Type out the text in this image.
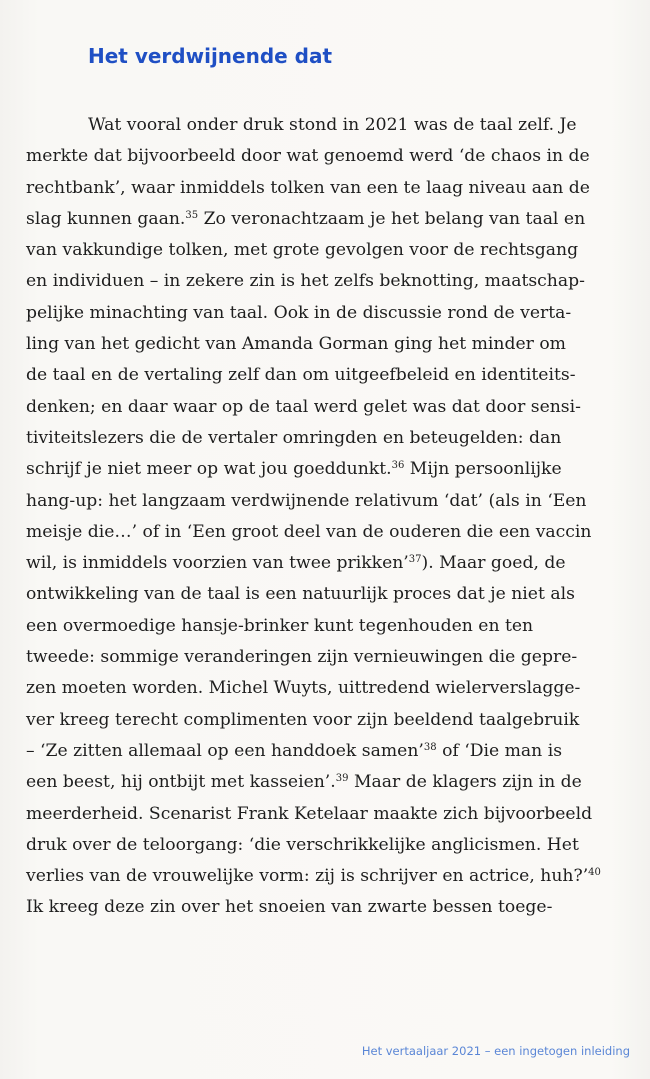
Het verdwijnende dat
Wat vooral onder druk stond in 2021 was de taal zelf. Je
merkte dat bijvoorbeeld door wat genoemd werd ‘de chaos in de
rechtbank’, waar inmiddels tolken van een te laag niveau aan de
slag kunnen gaan.$^{35}$ Zo veronachtzaam je het belang van taal en
van vakkundige tolken, met grote gevolgen voor de rechtsgang
en individuen – in zekere zin is het zelfs beknotting, maatschap-
pelijke minachting van taal. Ook in de discussie rond de verta-
ling van het gedicht van Amanda Gorman ging het minder om
de taal en de vertaling zelf dan om uitgeefbeleid en identiteits-
denken; en daar waar op de taal werd gelet was dat door sensi-
tiviteitslezers die de vertaler omringden en beteugelden: dan
schrijf je niet meer op wat jou goeddunkt.$^{36}$ Mijn persoonlijke
hang-up: het langzaam verdwijnende relativum ‘dat’ (als in ‘Een
meisje die…’ of in ‘Een groot deel van de ouderen die een vaccin
wil, is inmiddels voorzien van twee prikken’$^{37}$). Maar goed, de
ontwikkeling van de taal is een natuurlijk proces dat je niet als
een overmoedige hansje-brinker kunt tegenhouden en ten
tweede: sommige veranderingen zijn vernieuwingen die gepre-
zen moeten worden. Michel Wuyts, uittredend wielerverslagge-
ver kreeg terecht complimenten voor zijn beeldend taalgebruik
– ‘Ze zitten allemaal op een handdoek samen’$^{38}$ of ‘Die man is
een beest, hij ontbijt met kasseien’.$^{39}$ Maar de klagers zijn in de
meerderheid. Scenarist Frank Ketelaar maakte zich bijvoorbeeld
druk over de teloorgang: ‘die verschrikkelijke anglicismen. Het
verlies van de vrouwelijke vorm: zij is schrijver en actrice, huh?’$^{40}$
Ik kreeg deze zin over het snoeien van zwarte bessen toege-

Het vertaaljaar 2021 – een ingetogen inleiding
